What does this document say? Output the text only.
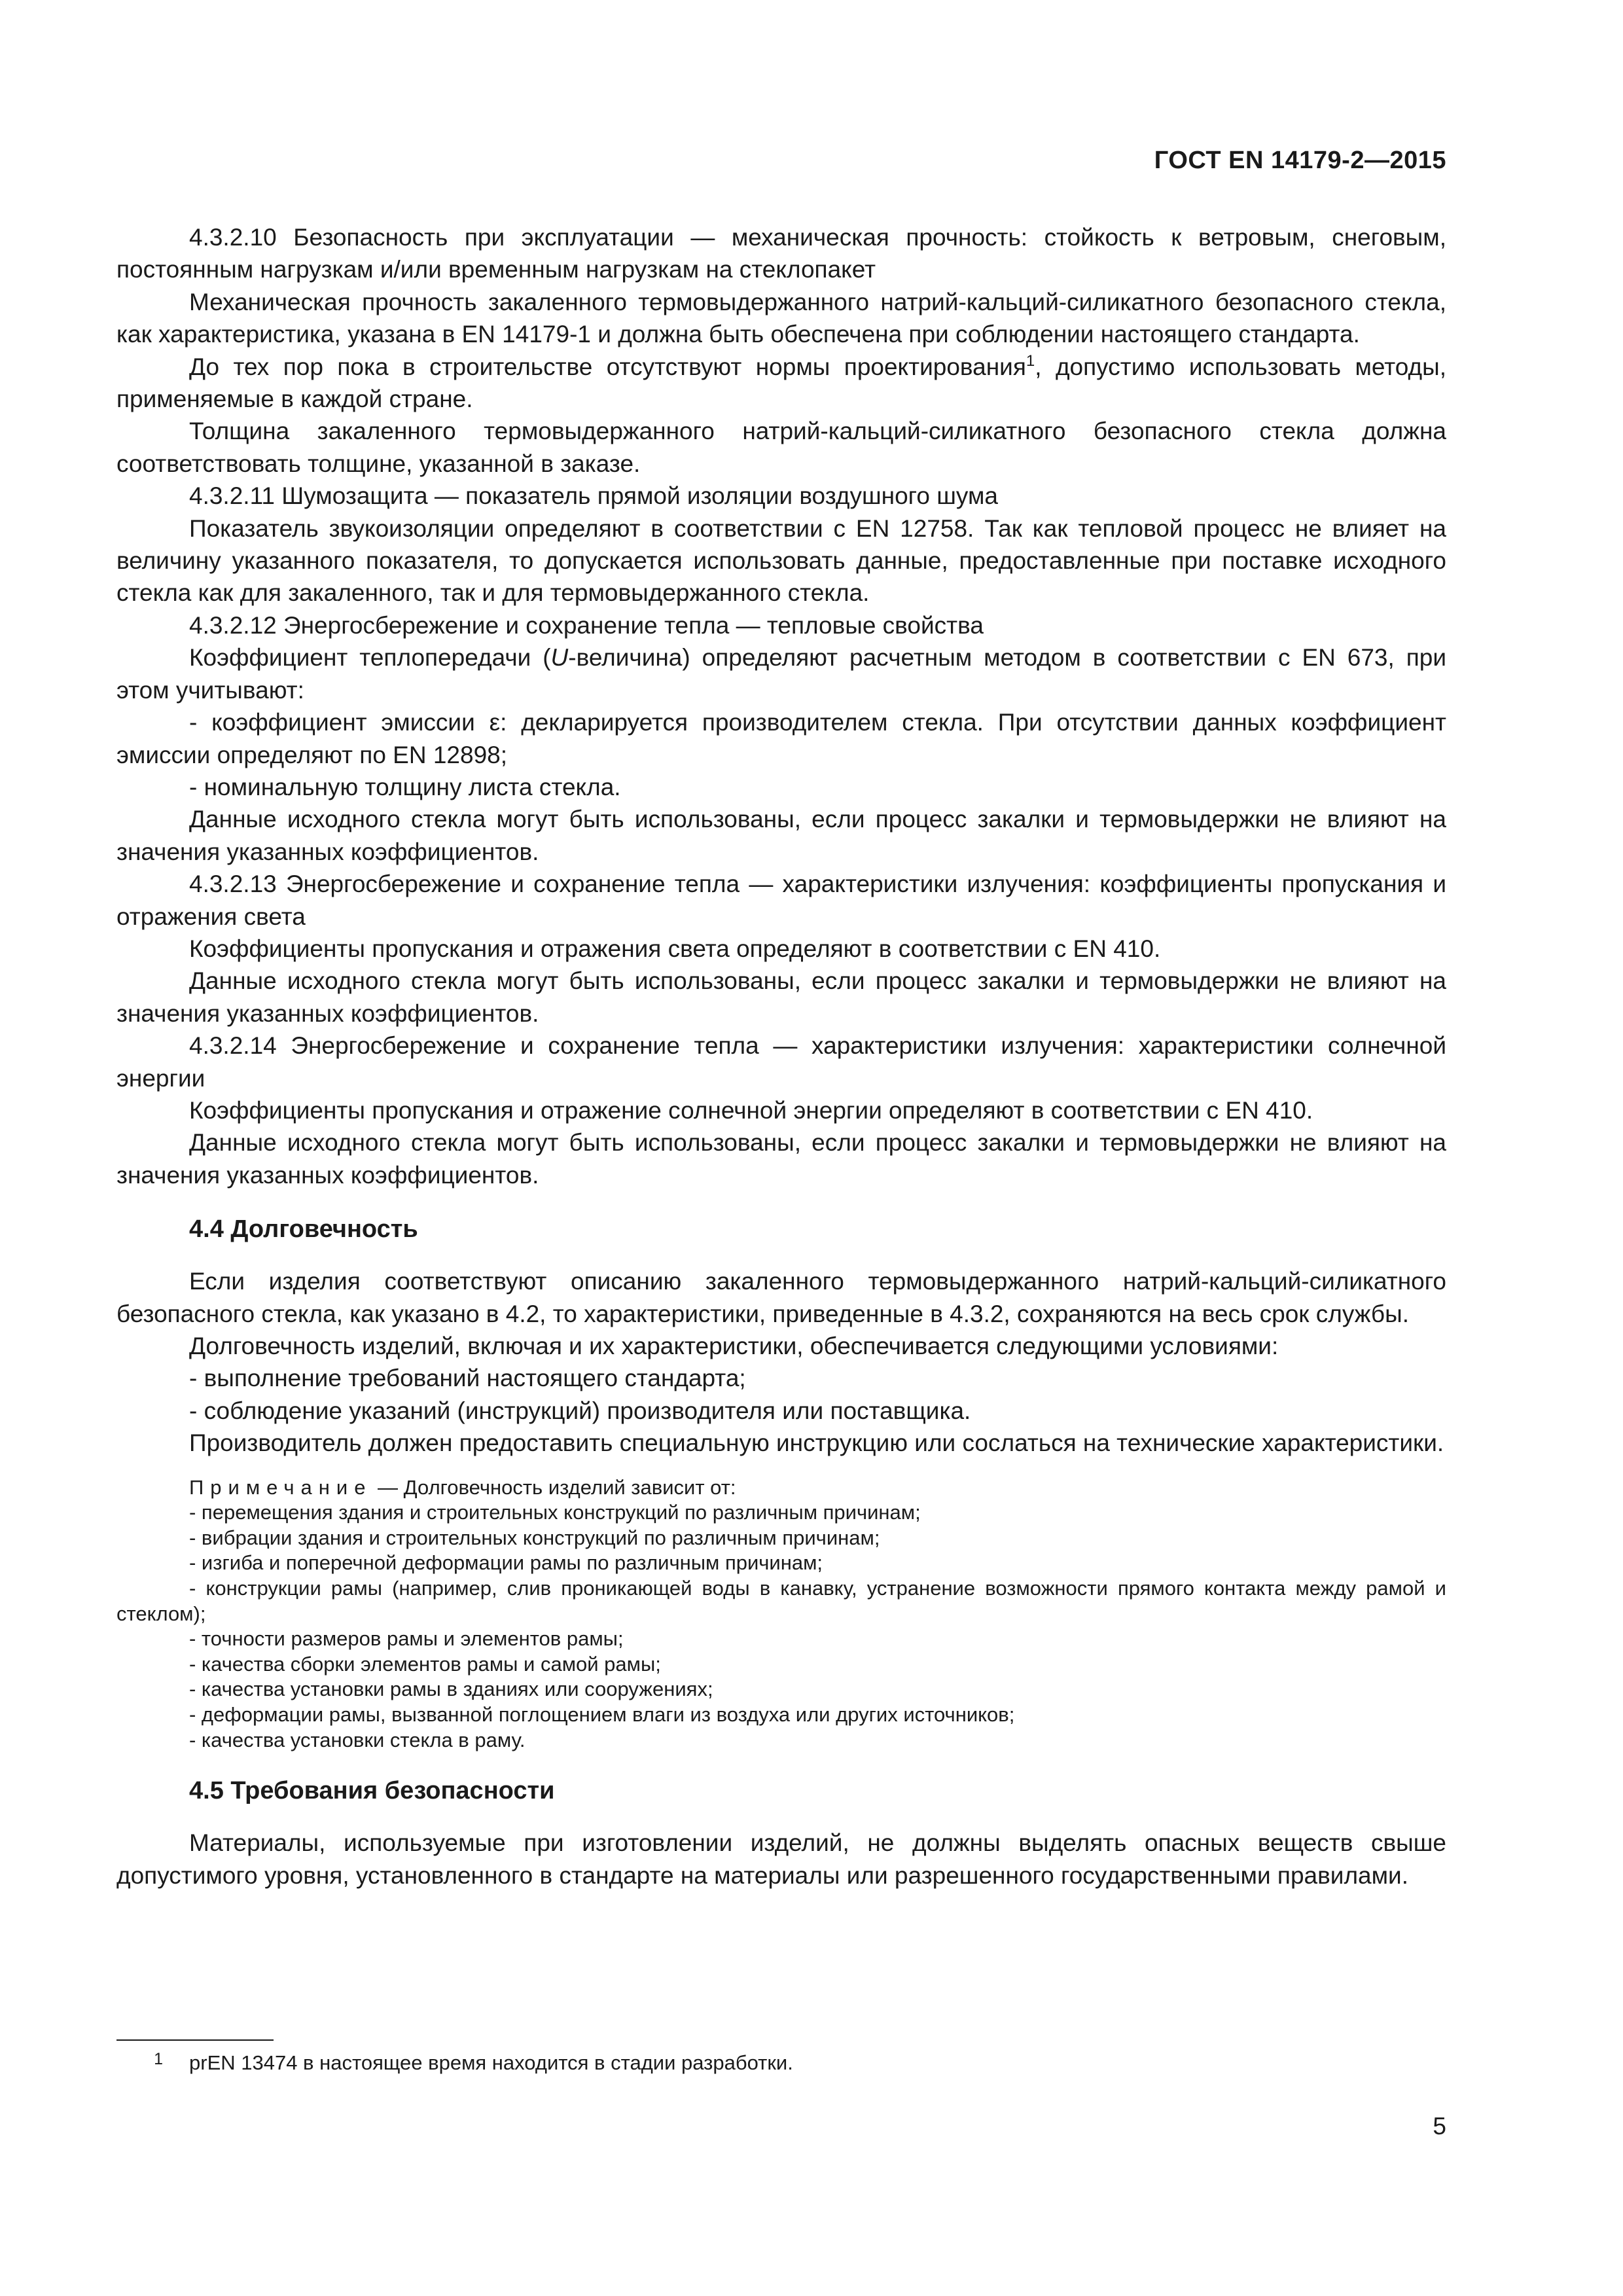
ГОСТ EN 14179-2—2015

4.3.2.10 Безопасность при эксплуатации — механическая прочность: стойкость к ветровым, снеговым, постоянным нагрузкам и/или временным нагрузкам на стеклопакет

Механическая прочность закаленного термовыдержанного натрий-кальций-силикатного безопасного стекла, как характеристика, указана в EN 14179-1 и должна быть обеспечена при соблюдении настоящего стандарта.

До тех пор пока в строительстве отсутствуют нормы проектирования$^1$, допустимо использовать методы, применяемые в каждой стране.

Толщина закаленного термовыдержанного натрий-кальций-силикатного безопасного стекла должна соответствовать толщине, указанной в заказе.

4.3.2.11 Шумозащита — показатель прямой изоляции воздушного шума

Показатель звукоизоляции определяют в соответствии с EN 12758. Так как тепловой процесс не влияет на величину указанного показателя, то допускается использовать данные, предоставленные при поставке исходного стекла как для закаленного, так и для термовыдержанного стекла.

4.3.2.12 Энергосбережение и сохранение тепла — тепловые свойства

Коэффициент теплопередачи (U-величина) определяют расчетным методом в соответствии с EN 673, при этом учитывают:

- коэффициент эмиссии ε: декларируется производителем стекла. При отсутствии данных коэффициент эмиссии определяют по EN 12898;

- номинальную толщину листа стекла.

Данные исходного стекла могут быть использованы, если процесс закалки и термовыдержки не влияют на значения указанных коэффициентов.

4.3.2.13 Энергосбережение и сохранение тепла — характеристики излучения: коэффициенты пропускания и отражения света

Коэффициенты пропускания и отражения света определяют в соответствии с EN 410.

Данные исходного стекла могут быть использованы, если процесс закалки и термовыдержки не влияют на значения указанных коэффициентов.

4.3.2.14 Энергосбережение и сохранение тепла — характеристики излучения: характеристики солнечной энергии

Коэффициенты пропускания и отражение солнечной энергии определяют в соответствии с EN 410.

Данные исходного стекла могут быть использованы, если процесс закалки и термовыдержки не влияют на значения указанных коэффициентов.

4.4 Долговечность

Если изделия соответствуют описанию закаленного термовыдержанного натрий-кальций-силикатного безопасного стекла, как указано в 4.2, то характеристики, приведенные в 4.3.2, сохраняются на весь срок службы.

Долговечность изделий, включая и их характеристики, обеспечивается следующими условиями:

- выполнение требований настоящего стандарта;

- соблюдение указаний (инструкций) производителя или поставщика.

Производитель должен предоставить специальную инструкцию или сослаться на технические характеристики.

Примечание — Долговечность изделий зависит от:

- перемещения здания и строительных конструкций по различным причинам;

- вибрации здания и строительных конструкций по различным причинам;

- изгиба и поперечной деформации рамы по различным причинам;

- конструкции рамы (например, слив проникающей воды в канавку, устранение возможности прямого контакта между рамой и стеклом);

- точности размеров рамы и элементов рамы;

- качества сборки элементов рамы и самой рамы;

- качества установки рамы в зданиях или сооружениях;

- деформации рамы, вызванной поглощением влаги из воздуха или других источников;

- качества установки стекла в раму.

4.5 Требования безопасности

Материалы, используемые при изготовлении изделий, не должны выделять опасных веществ свыше допустимого уровня, установленного в стандарте на материалы или разрешенного государственными правилами.

1 prEN 13474 в настоящее время находится в стадии разработки.
5
